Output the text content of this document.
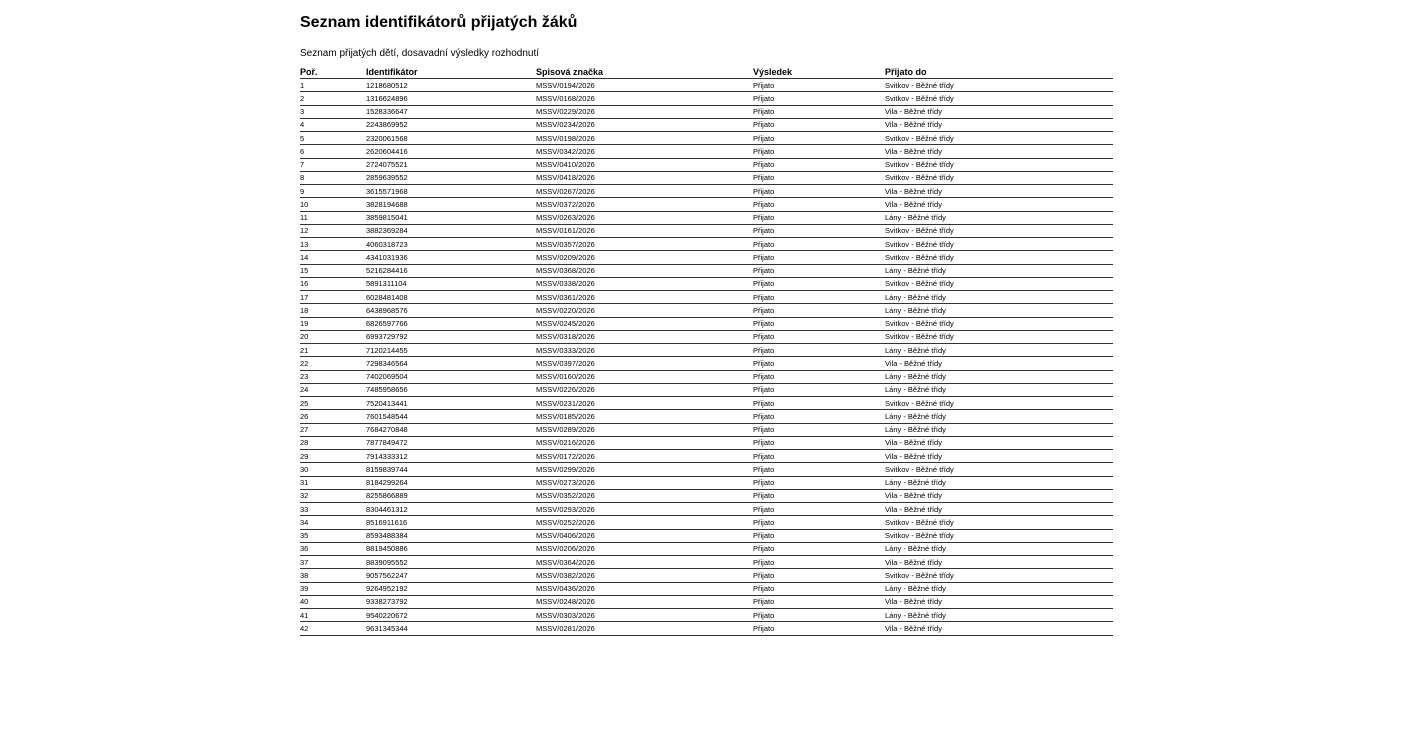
Seznam identifikátorů přijatých žáků

Seznam přijatých dětí, dosavadní výsledky rozhodnutí

Poř.	Identifikátor	Spisová značka	Výsledek	Přijato do
1	1218680512	MSSV/0194/2026	Přijato	Svitkov - Běžné třídy
2	1316624896	MSSV/0168/2026	Přijato	Svitkov - Běžné třídy
3	1528336647	MSSV/0229/2026	Přijato	Vila - Běžné třídy
4	2243869952	MSSV/0234/2026	Přijato	Vila - Běžné třídy
5	2320061568	MSSV/0198/2026	Přijato	Svitkov - Běžné třídy
6	2620604416	MSSV/0342/2026	Přijato	Vila - Běžné třídy
7	2724075521	MSSV/0410/2026	Přijato	Svitkov - Běžné třídy
8	2859639552	MSSV/0418/2026	Přijato	Svitkov - Běžné třídy
9	3615571968	MSSV/0267/2026	Přijato	Vila - Běžné třídy
10	3828194688	MSSV/0372/2026	Přijato	Vila - Běžné třídy
11	3859815041	MSSV/0263/2026	Přijato	Lány - Běžné třídy
12	3882369284	MSSV/0161/2026	Přijato	Svitkov - Běžné třídy
13	4060318723	MSSV/0357/2026	Přijato	Svitkov - Běžné třídy
14	4341031936	MSSV/0209/2026	Přijato	Svitkov - Běžné třídy
15	5216284416	MSSV/0368/2026	Přijato	Lány - Běžné třídy
16	5891311104	MSSV/0338/2026	Přijato	Svitkov - Běžné třídy
17	6028481408	MSSV/0361/2026	Přijato	Lány - Běžné třídy
18	6438968576	MSSV/0220/2026	Přijato	Lány - Běžné třídy
19	6826597766	MSSV/0245/2026	Přijato	Svitkov - Běžné třídy
20	6993729792	MSSV/0318/2026	Přijato	Svitkov - Běžné třídy
21	7120214455	MSSV/0333/2026	Přijato	Lány - Běžné třídy
22	7298346564	MSSV/0397/2026	Přijato	Vila - Běžné třídy
23	7402069504	MSSV/0160/2026	Přijato	Lány - Běžné třídy
24	7485958656	MSSV/0226/2026	Přijato	Lány - Běžné třídy
25	7520413441	MSSV/0231/2026	Přijato	Svitkov - Běžné třídy
26	7601548544	MSSV/0185/2026	Přijato	Lány - Běžné třídy
27	7684270848	MSSV/0289/2026	Přijato	Lány - Běžné třídy
28	7877849472	MSSV/0216/2026	Přijato	Vila - Běžné třídy
29	7914333312	MSSV/0172/2026	Přijato	Vila - Běžné třídy
30	8159839744	MSSV/0299/2026	Přijato	Svitkov - Běžné třídy
31	8184299264	MSSV/0273/2026	Přijato	Lány - Běžné třídy
32	8255866889	MSSV/0352/2026	Přijato	Vila - Běžné třídy
33	8304461312	MSSV/0293/2026	Přijato	Vila - Běžné třídy
34	8516911616	MSSV/0252/2026	Přijato	Svitkov - Běžné třídy
35	8593488384	MSSV/0406/2026	Přijato	Svitkov - Běžné třídy
36	8819450886	MSSV/0206/2026	Přijato	Lány - Běžné třídy
37	8839095552	MSSV/0364/2026	Přijato	Vila - Běžné třídy
38	9057562247	MSSV/0382/2026	Přijato	Svitkov - Běžné třídy
39	9264952192	MSSV/0436/2026	Přijato	Lány - Běžné třídy
40	9338273792	MSSV/0248/2026	Přijato	Vila - Běžné třídy
41	9540220672	MSSV/0303/2026	Přijato	Lány - Běžné třídy
42	9631345344	MSSV/0281/2026	Přijato	Vila - Běžné třídy
